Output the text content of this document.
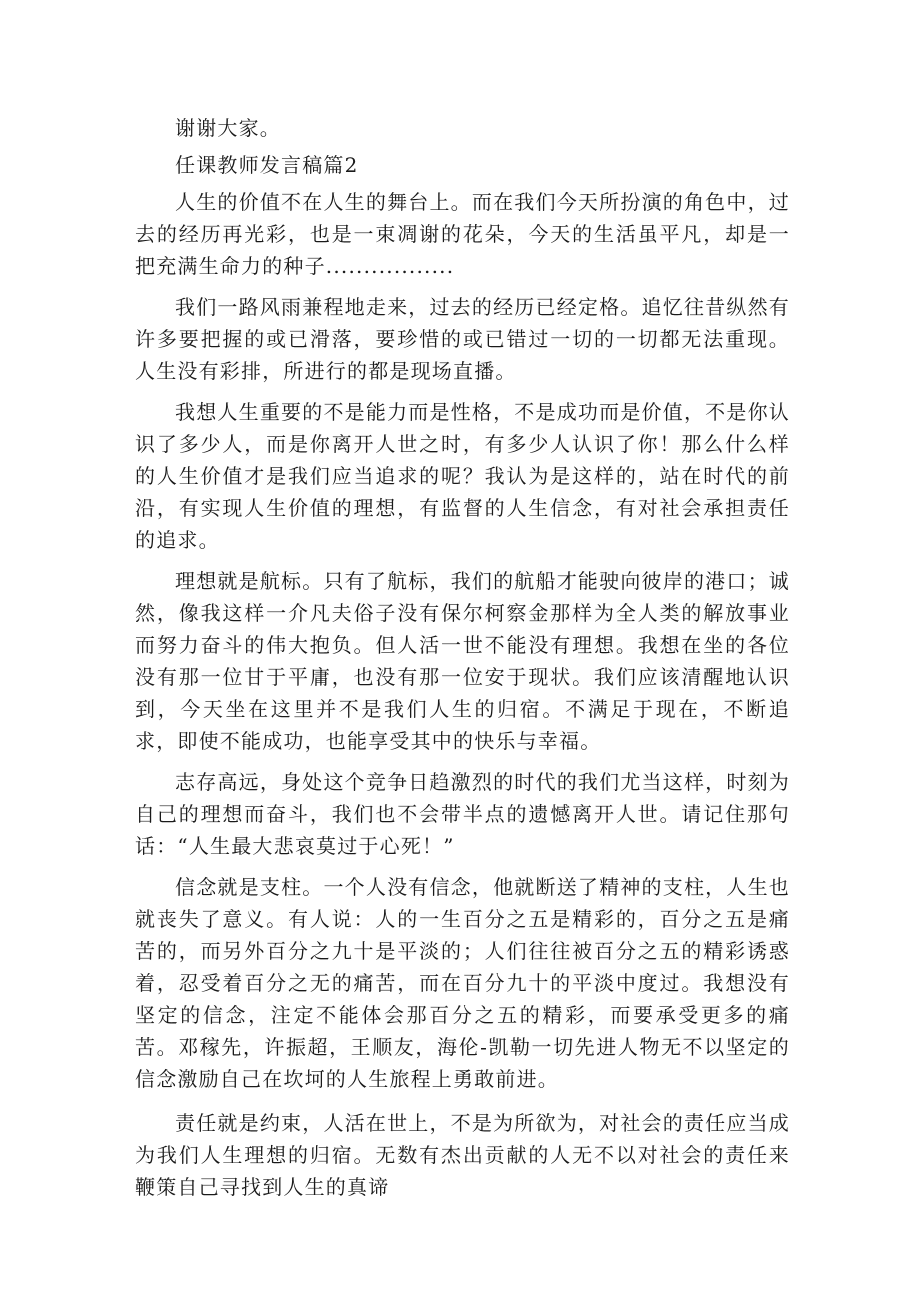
谢谢大家。

任课教师发言稿篇2

人生的价值不在人生的舞台上。而在我们今天所扮演的角色中，过去的经历再光彩，也是一束凋谢的花朵，今天的生活虽平凡，却是一把充满生命力的种子.................

我们一路风雨兼程地走来，过去的经历已经定格。追忆往昔纵然有许多要把握的或已滑落，要珍惜的或已错过一切的一切都无法重现。人生没有彩排，所进行的都是现场直播。

我想人生重要的不是能力而是性格，不是成功而是价值，不是你认识了多少人，而是你离开人世之时，有多少人认识了你！那么什么样的人生价值才是我们应当追求的呢？我认为是这样的，站在时代的前沿，有实现人生价值的理想，有监督的人生信念，有对社会承担责任的追求。

理想就是航标。只有了航标，我们的航船才能驶向彼岸的港口；诚然，像我这样一介凡夫俗子没有保尔柯察金那样为全人类的解放事业而努力奋斗的伟大抱负。但人活一世不能没有理想。我想在坐的各位没有那一位甘于平庸，也没有那一位安于现状。我们应该清醒地认识到，今天坐在这里并不是我们人生的归宿。不满足于现在，不断追求，即使不能成功，也能享受其中的快乐与幸福。

志存高远，身处这个竞争日趋激烈的时代的我们尤当这样，时刻为自己的理想而奋斗，我们也不会带半点的遗憾离开人世。请记住那句话：“人生最大悲哀莫过于心死！”

信念就是支柱。一个人没有信念，他就断送了精神的支柱，人生也就丧失了意义。有人说：人的一生百分之五是精彩的，百分之五是痛苦的，而另外百分之九十是平淡的；人们往往被百分之五的精彩诱惑着，忍受着百分之无的痛苦，而在百分九十的平淡中度过。我想没有坚定的信念，注定不能体会那百分之五的精彩，而要承受更多的痛苦。邓稼先，许振超，王顺友，海伦-凯勒一切先进人物无不以坚定的信念激励自己在坎坷的人生旅程上勇敢前进。

责任就是约束，人活在世上，不是为所欲为，对社会的责任应当成为我们人生理想的归宿。无数有杰出贡献的人无不以对社会的责任来鞭策自己寻找到人生的真谛
